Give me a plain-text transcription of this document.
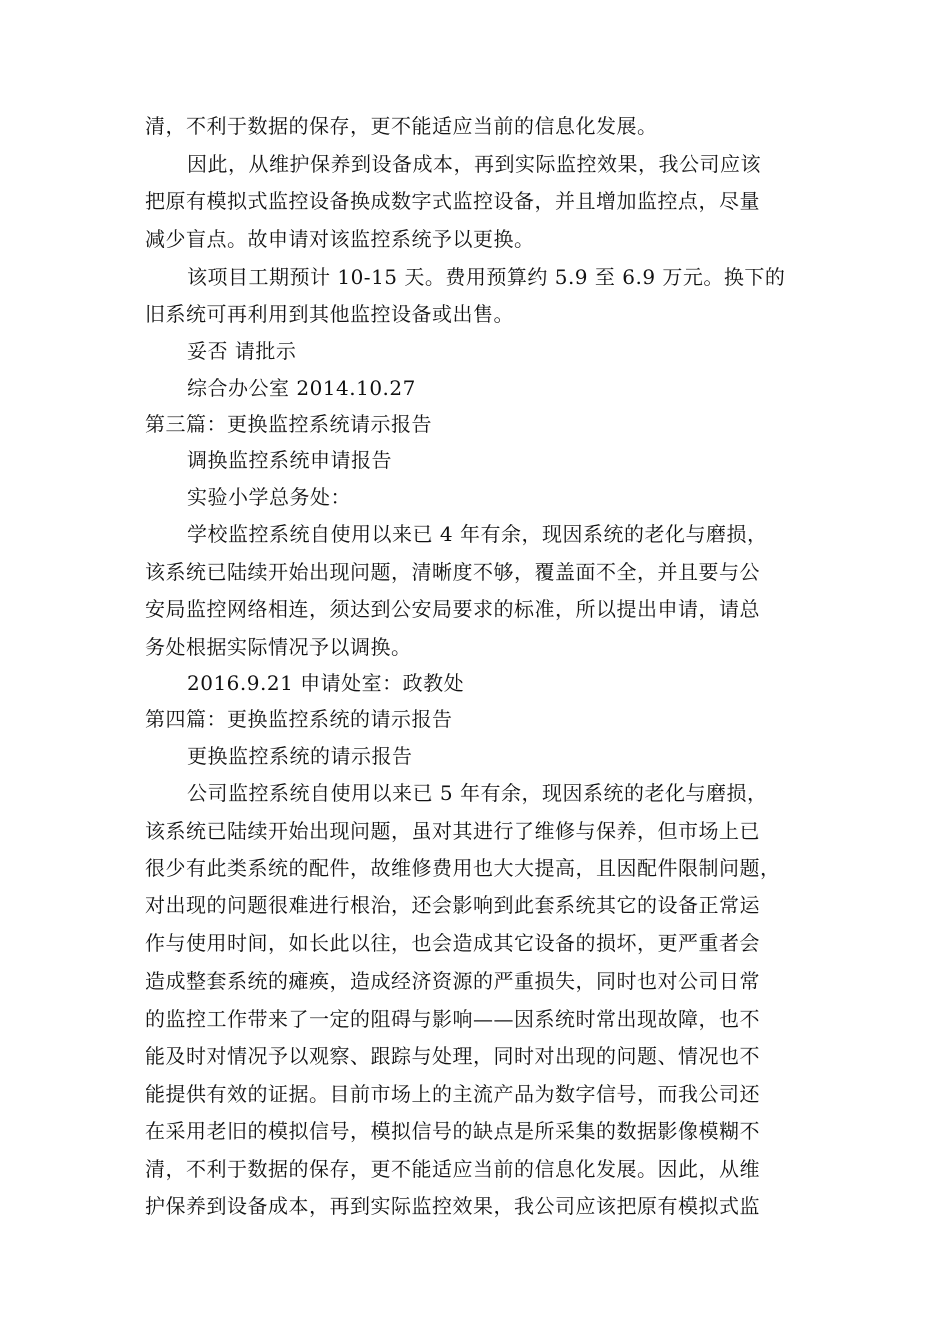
清，不利于数据的保存，更不能适应当前的信息化发展。
因此，从维护保养到设备成本，再到实际监控效果，我公司应该
把原有模拟式监控设备换成数字式监控设备，并且增加监控点，尽量
减少盲点。故申请对该监控系统予以更换。
该项目工期预计 10-15 天。费用预算约 5.9 至 6.9 万元。换下的
旧系统可再利用到其他监控设备或出售。
妥否 请批示
综合办公室 2014.10.27
第三篇：更换监控系统请示报告
调换监控系统申请报告
实验小学总务处：
学校监控系统自使用以来已 4 年有余，现因系统的老化与磨损，
该系统已陆续开始出现问题，清晰度不够，覆盖面不全，并且要与公
安局监控网络相连，须达到公安局要求的标准，所以提出申请，请总
务处根据实际情况予以调换。
2016.9.21 申请处室：政教处
第四篇：更换监控系统的请示报告
更换监控系统的请示报告
公司监控系统自使用以来已 5 年有余，现因系统的老化与磨损，
该系统已陆续开始出现问题，虽对其进行了维修与保养，但市场上已
很少有此类系统的配件，故维修费用也大大提高，且因配件限制问题，
对出现的问题很难进行根治，还会影响到此套系统其它的设备正常运
作与使用时间，如长此以往，也会造成其它设备的损坏，更严重者会
造成整套系统的瘫痪，造成经济资源的严重损失，同时也对公司日常
的监控工作带来了一定的阻碍与影响——因系统时常出现故障，也不
能及时对情况予以观察、跟踪与处理，同时对出现的问题、情况也不
能提供有效的证据。目前市场上的主流产品为数字信号，而我公司还
在采用老旧的模拟信号，模拟信号的缺点是所采集的数据影像模糊不
清，不利于数据的保存，更不能适应当前的信息化发展。因此，从维
护保养到设备成本，再到实际监控效果，我公司应该把原有模拟式监
